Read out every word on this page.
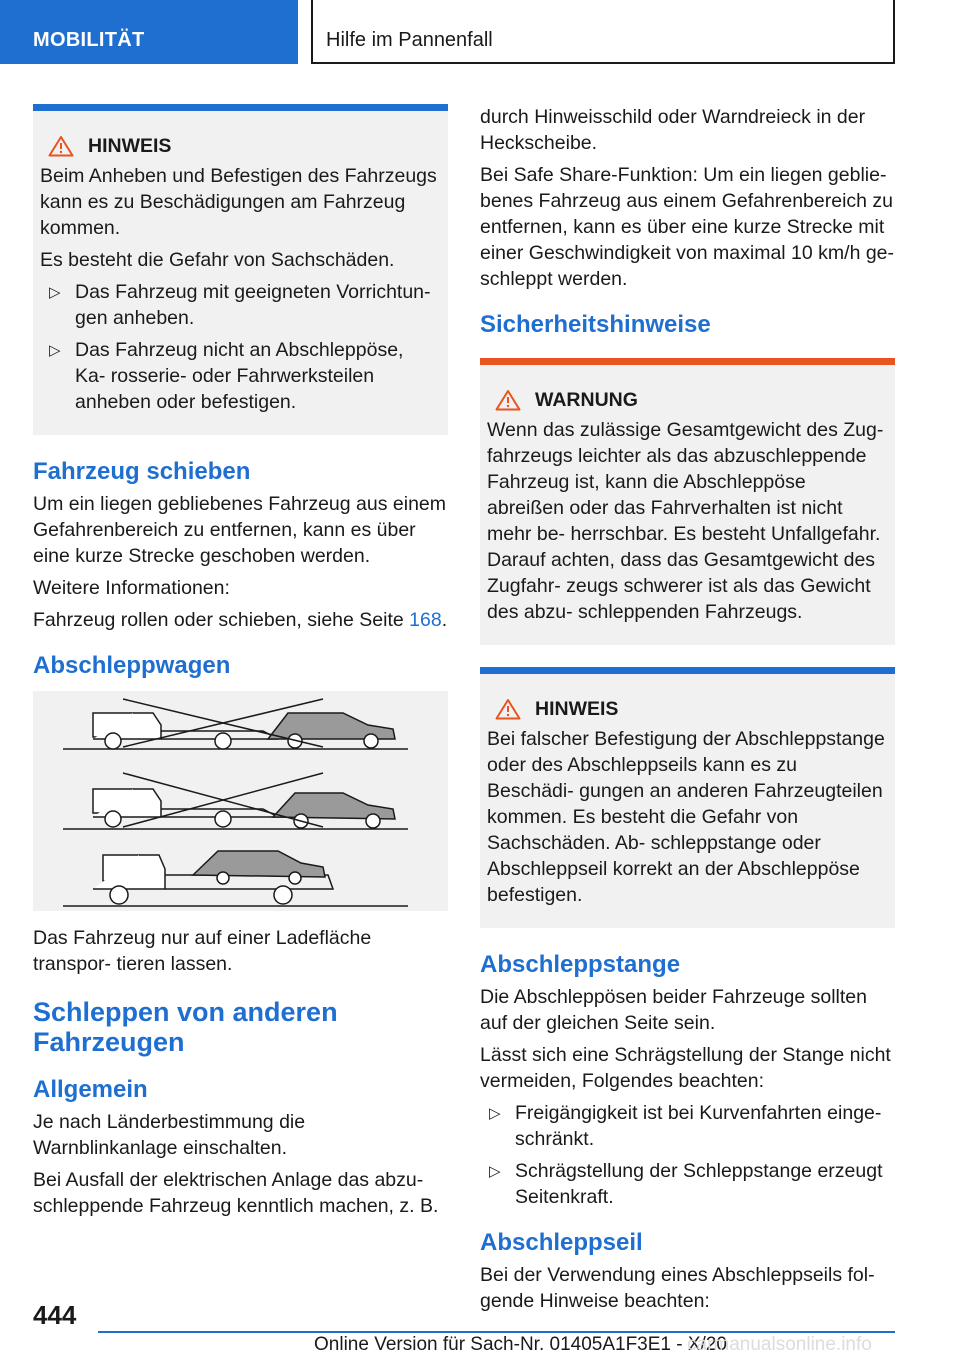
MOBILITÄT	Hilfe im Pannenfall
HINWEIS

Beim Anheben und Befestigen des Fahrzeugs kann es zu Beschädigungen am Fahrzeug kommen.

Es besteht die Gefahr von Sachschäden.

▷ Das Fahrzeug mit geeigneten Vorrichtun‐ gen anheben.
▷ Das Fahrzeug nicht an Abschleppöse, Ka‐ rosserie- oder Fahrwerksteilen anheben oder befestigen.
Fahrzeug schieben

Um ein liegen gebliebenes Fahrzeug aus einem Gefahrenbereich zu entfernen, kann es über eine kurze Strecke geschoben werden.

Weitere Informationen:

Fahrzeug rollen oder schieben, siehe Seite 168.

Abschleppwagen

Das Fahrzeug nur auf einer Ladefläche transpor‐ tieren lassen.

Schleppen von anderen Fahrzeugen
Allgemein

Je nach Länderbestimmung die Warnblinkanlage einschalten.

Bei Ausfall der elektrischen Anlage das abzu‐ schleppende Fahrzeug kenntlich machen, z. B.

durch Hinweisschild oder Warndreieck in der Heckscheibe.

Bei Safe Share-Funktion: Um ein liegen geblie‐ benes Fahrzeug aus einem Gefahrenbereich zu entfernen, kann es über eine kurze Strecke mit einer Geschwindigkeit von maximal 10 km/h ge‐ schleppt werden.

Sicherheitshinweise
WARNUNG

Wenn das zulässige Gesamtgewicht des Zug‐ fahrzeugs leichter als das abzuschleppende Fahrzeug ist, kann die Abschleppöse abreißen oder das Fahrverhalten ist nicht mehr be‐ herrschbar. Es besteht Unfallgefahr. Darauf achten, dass das Gesamtgewicht des Zugfahr‐ zeugs schwerer ist als das Gewicht des abzu‐ schleppenden Fahrzeugs.

HINWEIS

Bei falscher Befestigung der Abschleppstange oder des Abschleppseils kann es zu Beschädi‐ gungen an anderen Fahrzeugteilen kommen. Es besteht die Gefahr von Sachschäden. Ab‐ schleppstange oder Abschleppseil korrekt an der Abschleppöse befestigen.

Abschleppstange

Die Abschleppösen beider Fahrzeuge sollten auf der gleichen Seite sein.

Lässt sich eine Schrägstellung der Stange nicht vermeiden, Folgendes beachten:

▷ Freigängigkeit ist bei Kurvenfahrten einge‐ schränkt.
▷ Schrägstellung der Schleppstange erzeugt Seitenkraft.
Abschleppseil

Bei der Verwendung eines Abschleppseils fol‐ gende Hinweise beachten:

444
Online Version für Sach-Nr. 01405A1F3E1 - X/20
carmanualsonline.info
